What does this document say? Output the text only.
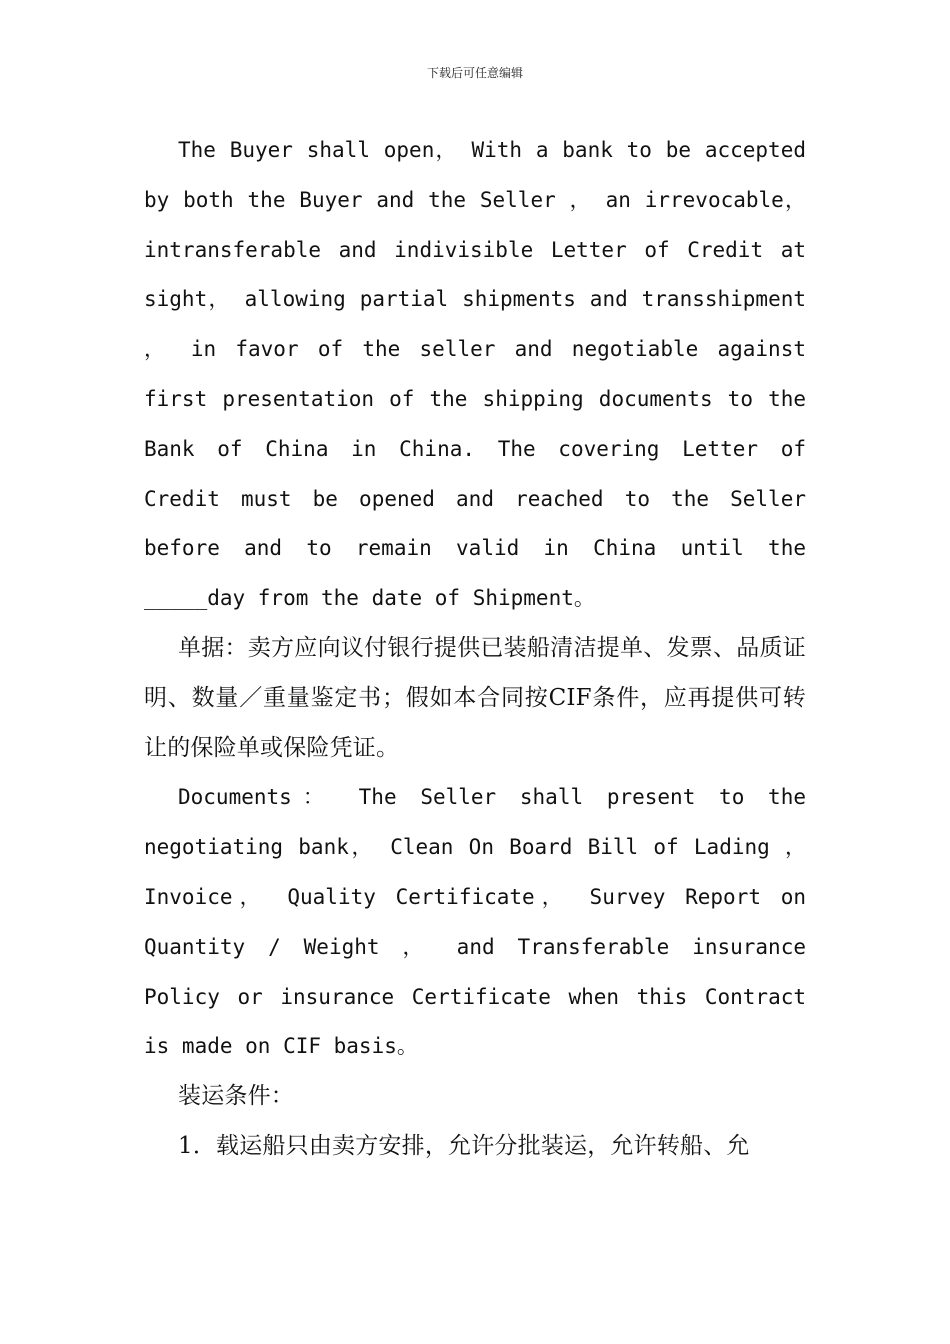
下载后可任意编辑

The Buyer shall open， With a bank to be accepted by both the Buyer and the Seller ， an irrevocable，intransferable and indivisible Letter of Credit at sight， allowing partial shipments and transshipment ， in favor of the seller and negotiable against first presentation of the shipping documents to the Bank of China in China. The covering Letter of Credit must be opened and reached to the Seller before and to remain valid in China until the _____day from the date of Shipment。

单据：卖方应向议付银行提供已装船清洁提单、发票、品质证明、数量／重量鉴定书；假如本合同按CIF条件，应再提供可转让的保险单或保险凭证。

Documents： The Seller shall present to the negotiating bank， Clean On Board Bill of Lading ， Invoice， Quality Certificate， Survey Report on Quantity / Weight ， and Transferable insurance Policy or insurance Certificate when this Contract is made on CIF basis。

装运条件：

1．载运船只由卖方安排，允许分批装运，允许转船、允
